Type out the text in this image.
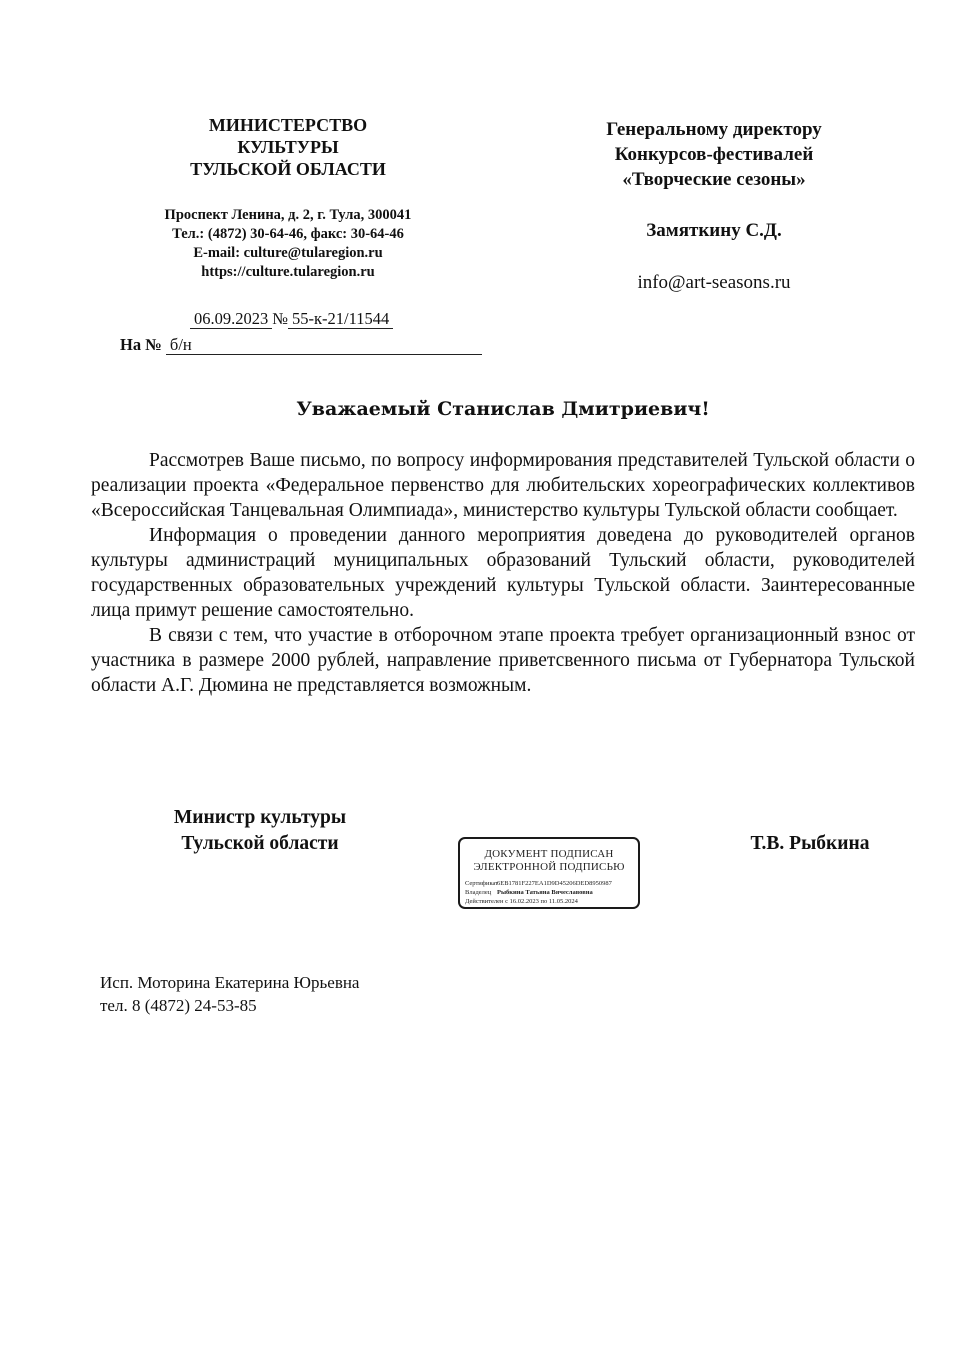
МИНИСТЕРСТВО
КУЛЬТУРЫ
ТУЛЬСКОЙ ОБЛАСТИ
Проспект Ленина, д. 2, г. Тула, 300041
Тел.: (4872) 30-64-46, факс: 30-64-46
E-mail: culture@tularegion.ru
https://culture.tularegion.ru
06.09.2023 № 55-к-21/11544
На № б/н
Генеральному директору
Конкурсов-фестивалей
«Творческие сезоны»
Замяткину С.Д.
info@art-seasons.ru
Уважаемый Станислав Дмитриевич!

Рассмотрев Ваше письмо, по вопросу информирования представителей Тульской области о реализации проекта «Федеральное первенство для любительских хореографических коллективов «Всероссийская Танцевальная Олимпиада», министерство культуры Тульской области сообщает.

Информация о проведении данного мероприятия доведена до руководителей органов культуры администраций муниципальных образований Тульский области, руководителей государственных образовательных учреждений культуры Тульской области. Заинтересованные лица примут решение самостоятельно.

В связи с тем, что участие в отборочном этапе проекта требует организационный взнос от участника в размере 2000 рублей, направление приветсвенного письма от Губернатора Тульской области А.Г. Дюмина не представляется возможным.

Министр культуры
Тульской области	ДОКУМЕНТ ПОДПИСАН
ЭЛЕКТРОННОЙ ПОДПИСЬЮ
Сертификат6EB1781F227EA1D9D45206DED8950987
Владелец Рыбкина Татьяна Вячеславовна
Действителен с 16.02.2023 по 11.05.2024
Т.В. Рыбкина
Исп. Моторина Екатерина Юрьевна
тел. 8 (4872) 24-53-85
